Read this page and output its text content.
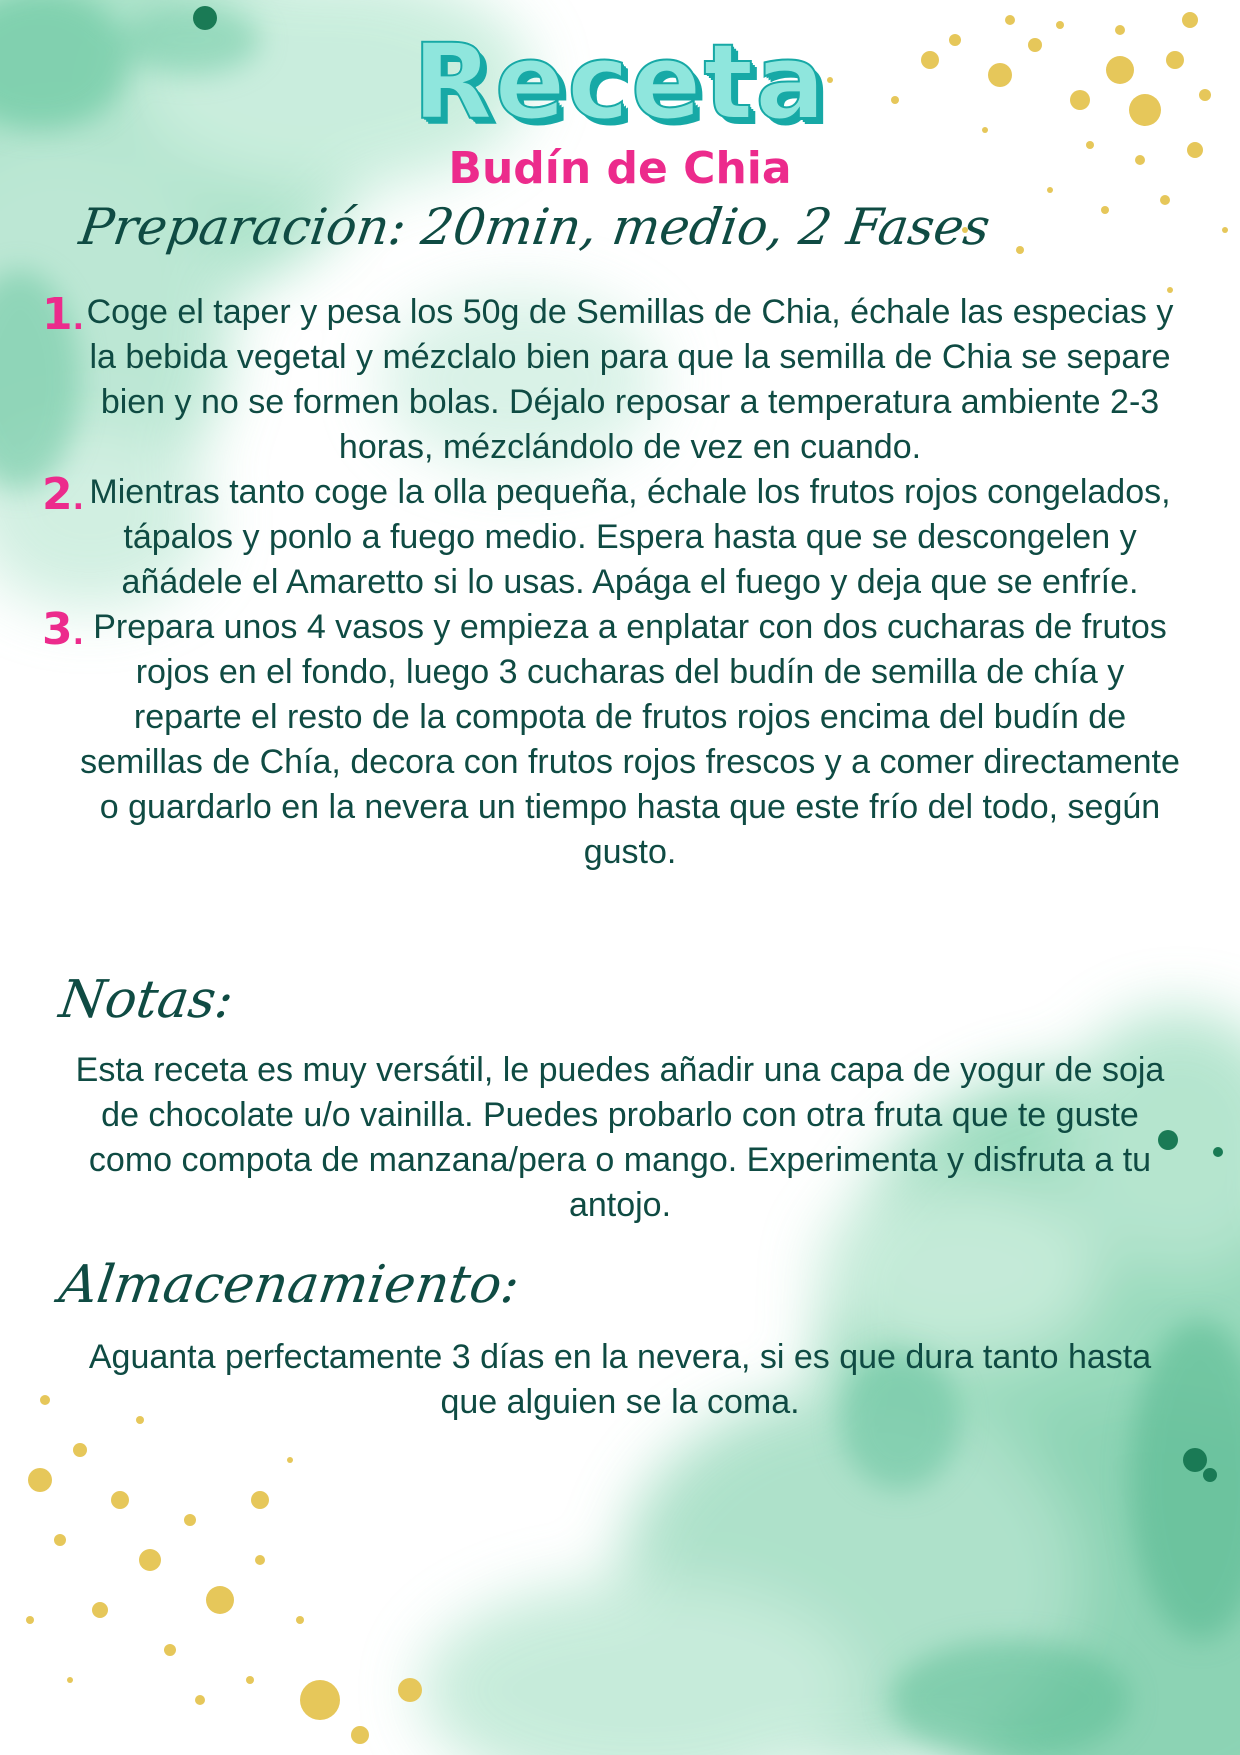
Receta
Budín de Chia
Preparación: 20min, medio, 2 Fases
1. Coge el taper y pesa los 50g de Semillas de Chia, échale las especias y la bebida vegetal y mézclalo bien para que la semilla de Chia se separe bien y no se formen bolas. Déjalo reposar a temperatura ambiente 2-3 horas, mézclándolo de vez en cuando.
2. Mientras tanto coge la olla pequeña, échale los frutos rojos congelados, tápalos y ponlo a fuego medio. Espera hasta que se descongelen y añádele el Amaretto si lo usas. Apága el fuego y deja que se enfríe.
3. Prepara unos 4 vasos y empieza a enplatar con dos cucharas de frutos rojos en el fondo, luego 3 cucharas del budín de semilla de chía y reparte el resto de la compota de frutos rojos encima del budín de semillas de Chía, decora con frutos rojos frescos y a comer directamente o guardarlo en la nevera un tiempo hasta que este frío del todo, según gusto.
Notas:
Esta receta es muy versátil, le puedes añadir una capa de yogur de soja de chocolate u/o vainilla. Puedes probarlo con otra fruta que te guste como compota de manzana/pera o mango. Experimenta y disfruta a tu antojo.
Almacenamiento:
Aguanta perfectamente 3 días en la nevera, si es que dura tanto hasta que alguien se la coma.
